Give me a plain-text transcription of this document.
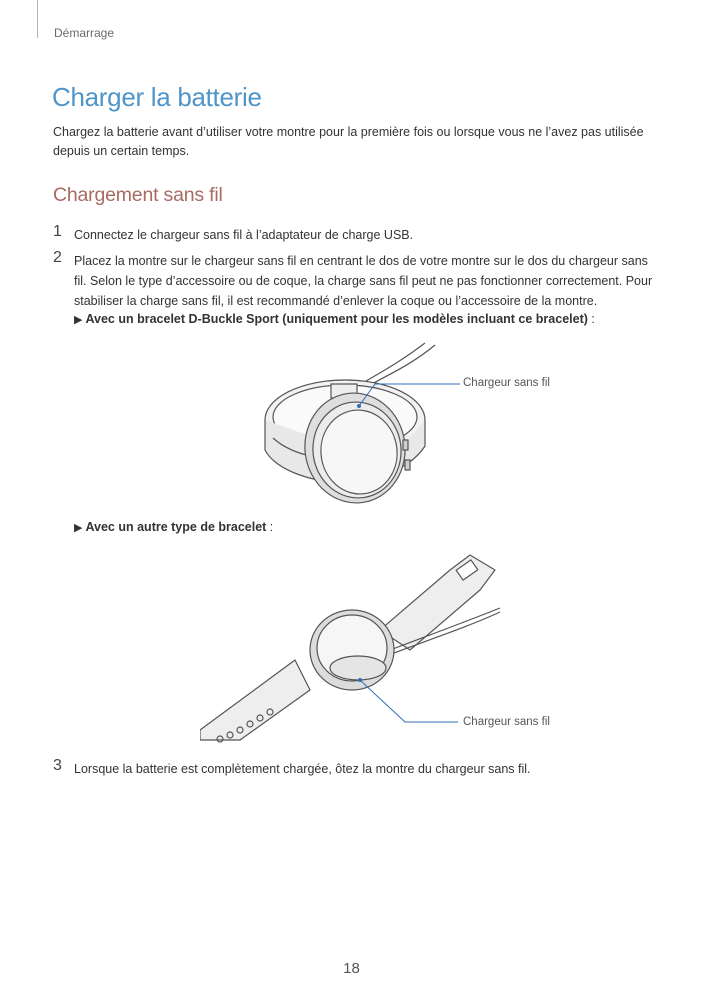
Démarrage
Charger la batterie
Chargez la batterie avant d’utiliser votre montre pour la première fois ou lorsque vous ne l’avez pas utilisée depuis un certain temps.
Chargement sans fil
1 Connectez le chargeur sans fil à l’adaptateur de charge USB.
2 Placez la montre sur le chargeur sans fil en centrant le dos de votre montre sur le dos du chargeur sans fil. Selon le type d’accessoire ou de coque, la charge sans fil peut ne pas fonctionner correctement. Pour stabiliser la charge sans fil, il est recommandé d’enlever la coque ou l’accessoire de la montre.
▶ Avec un bracelet D-Buckle Sport (uniquement pour les modèles incluant ce bracelet) :
Chargeur sans fil
▶ Avec un autre type de bracelet :
Chargeur sans fil
3 Lorsque la batterie est complètement chargée, ôtez la montre du chargeur sans fil.
18
